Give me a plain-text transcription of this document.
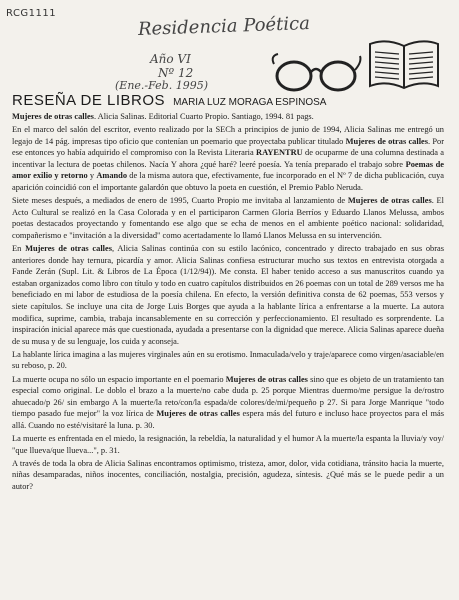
RCG1111	Residencia Poética
Año VI
Nº 12
(Ene.-Feb. 1995)
RESEÑA DE LIBROS MARIA LUZ MORAGA ESPINOSA

Mujeres de otras calles. Alicia Salinas. Editorial Cuarto Propio. Santiago, 1994. 81 pags.

En el marco del salón del escritor, evento realizado por la SECh a principios de junio de 1994, Alicia Salinas me entregó un legajo de 14 pág. impresas tipo oficio que contenían un poemario que proyectaba publicar titulado Mujeres de otras calles. Por ese entonces yo había adquirido el compromiso con la Revista Literaria RAYENTRU de ocuparme de una columna destinada a incentivar la lectura de poetas chilenos. Nacía Y ahora ¿qué haré? leeré poesía. Ya tenía preparado el trabajo sobre Poemas de amor exilio y retorno y Amando de la misma autora que, efectivamente, fue incorporado en el Nº 7 de dicha publicación, cuya aparición coincidió con el importante galardón que obtuvo la poeta en cuestión, el Premio Pablo Neruda.

Siete meses después, a mediados de enero de 1995, Cuarto Propio me invitaba al lanzamiento de Mujeres de otras calles. El Acto Cultural se realizó en la Casa Colorada y en el participaron Carmen Gloria Berríos y Eduardo Llanos Melussa, ambos poetas destacados proyectando y fomentando ese algo que se echa de menos en el ambiente poético nacional: solidaridad, compañerismo e "invitación a la diversidad" como acertadamente lo llamó Llanos Melussa en su intervención.

En Mujeres de otras calles, Alicia Salinas continúa con su estilo lacónico, concentrado y directo trabajado en sus obras anteriores donde hay ternura, picardía y amor. Alicia Salinas confiesa estructurar mucho sus textos en entrevista otorgada a Fande Zerán (Supl. Lit. & Libros de La Época (1/12/94)). Me consta. El haber tenido acceso a sus manuscritos cuando ya estaban organizados como libro con título y todo en cuatro capítulos distribuidos en 26 poemas con un total de 289 versos me ha beneficiado en mi labor de estudiosa de la poesía chilena. En efecto, la versión definitiva consta de 62 poemas, 553 versos y siete capítulos. Se incluye una cita de Jorge Luis Borges que ayuda a la hablante lírica a enfrentarse a la muerte. La autora modifica, suprime, cambia, trabaja incansablemente en su corrección y perfeccionamiento. El resultado es sorprendente. La inspiración inicial aparece más que cuestionada, ayudada a presentarse con la dignidad que merece. Alicia Salinas aparece dueña de su musa y de su lenguaje, los cuida y aconseja.

La hablante lírica imagina a las mujeres virginales aún en su erotismo. Inmaculada/velo y traje/aparece como virgen/asaciable/en su reboso, p. 20.

La muerte ocupa no sólo un espacio importante en el poemario Mujeres de otras calles sino que es objeto de un tratamiento tan especial como original. Le doblo el brazo a la muerte/no cabe duda p. 25 porque Mientras duermo/me persigue la de/rostro ahuecado/p 26/ sin embargo A la muerte/la reto/con/la espada/de colores/de/mi/pequeño p 27. Si para Jorge Manrique "todo tiempo pasado fue mejor" la voz lírica de Mujeres de otras calles espera más del futuro e incluso hace proyectos para el más allá. Cuando no esté/visitaré la luna. p. 30.

La muerte es enfrentada en el miedo, la resignación, la rebeldía, la naturalidad y el humor A la muerte/la espanta la lluvia/y voy/ "que llueva/que llueva...", p. 31.

A través de toda la obra de Alicia Salinas encontramos optimismo, tristeza, amor, dolor, vida cotidiana, tránsito hacia la muerte, niñas desamparadas, niños inocentes, conciliación, nostalgia, precisión, agudeza, síntesis. ¿Qué más se le puede pedir a un autor?
